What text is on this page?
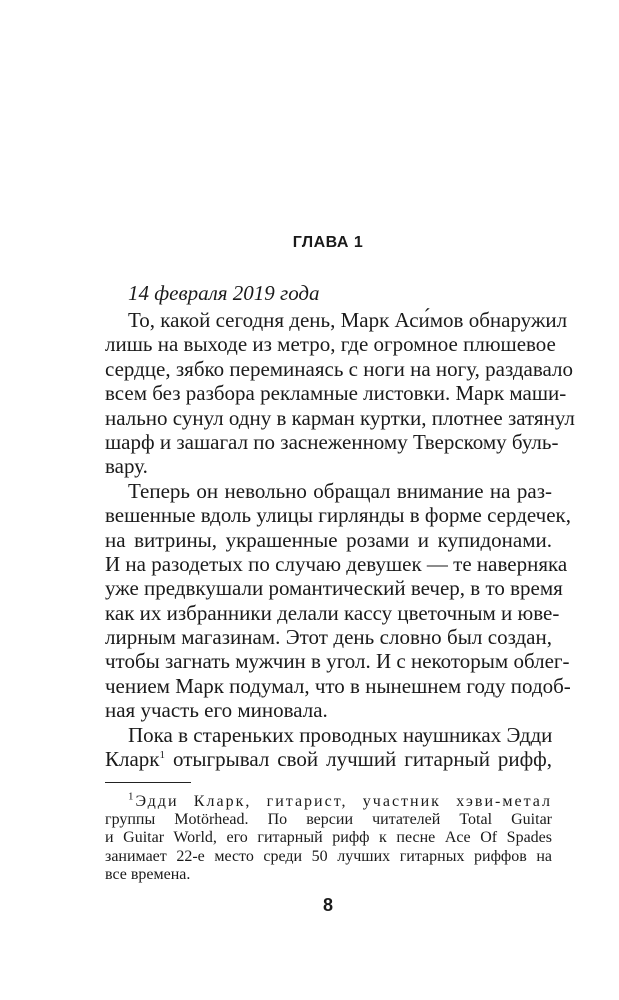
ГЛАВА 1
14 февраля 2019 года
То, какой сегодня день, Марк Аси́мов обнаружил
лишь на выходе из метро, где огромное плюшевое
сердце, зябко переминаясь с ноги на ногу, раздавало
всем без разбора рекламные листовки. Марк маши-
нально сунул одну в карман куртки, плотнее затянул
шарф и зашагал по заснеженному Тверскому буль-
вару.
Теперь он невольно обращал внимание на раз-
вешенные вдоль улицы гирлянды в форме сердечек,
на витрины, украшенные розами и купидонами.
И на разодетых по случаю девушек — те наверняка
уже предвкушали романтический вечер, в то время
как их избранники делали кассу цветочным и юве-
лирным магазинам. Этот день словно был создан,
чтобы загнать мужчин в угол. И с некоторым облег-
чением Марк подумал, что в нынешнем году подоб-
ная участь его миновала.
Пока в стареньких проводных наушниках Эдди
Кларк$^1$ отыгрывал свой лучший гитарный рифф,
$^1$Эдди Кларк, гитарист, участник хэви-метал
группы Motörhead. По версии читателей Total Guitar
и Guitar World, его гитарный рифф к песне Ace Of Spades
занимает 22-е место среди 50 лучших гитарных риффов на
все времена.
8
